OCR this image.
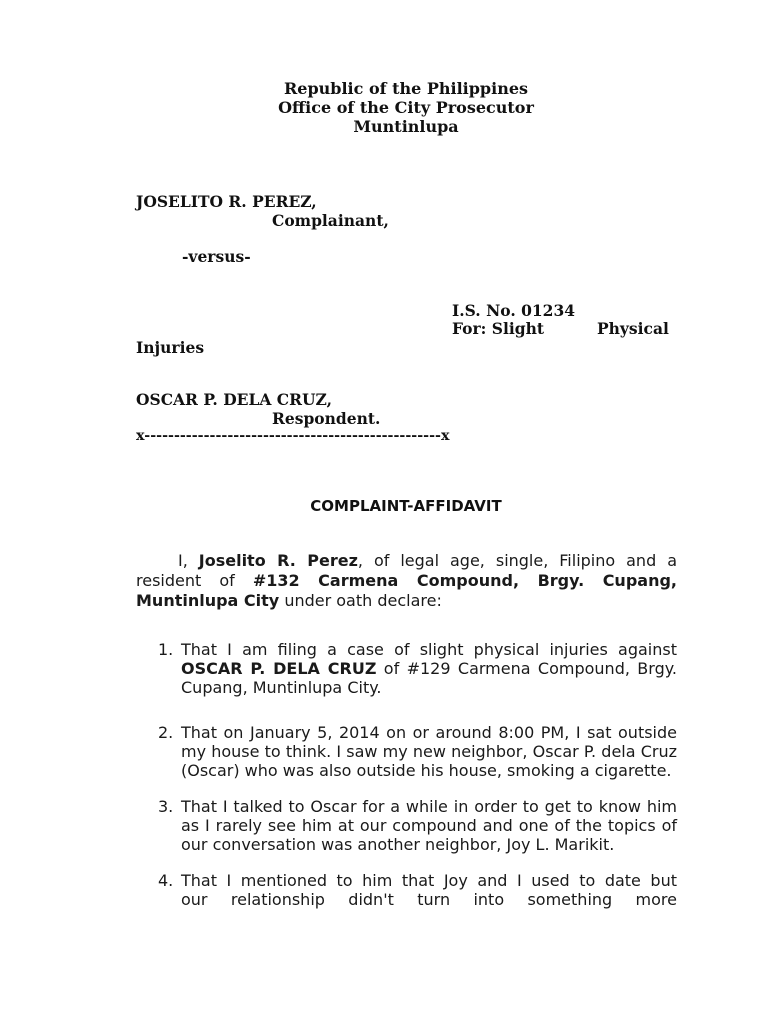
Republic of the Philippines
Office of the City Prosecutor
Muntinlupa
JOSELITO R. PEREZ,
Complainant,
-versus-
I.S. No. 01234
For: Slight	Physical
Injuries
OSCAR P. DELA CRUZ,
Respondent.
x--------------------------------------------------x
COMPLAINT-AFFIDAVIT
I, Joselito R. Perez, of legal age, single, Filipino and a resident of #132 Carmena Compound, Brgy. Cupang, Muntinlupa City under oath declare:
1. That I am filing a case of slight physical injuries against OSCAR P. DELA CRUZ of #129 Carmena Compound, Brgy. Cupang, Muntinlupa City.
2. That on January 5, 2014 on or around 8:00 PM, I sat outside my house to think. I saw my new neighbor, Oscar P. dela Cruz (Oscar) who was also outside his house, smoking a cigarette.
3. That I talked to Oscar for a while in order to get to know him as I rarely see him at our compound and one of the topics of our conversation was another neighbor, Joy L. Marikit.
4. That I mentioned to him that Joy and I used to date but
our relationship didn't turn into something more
